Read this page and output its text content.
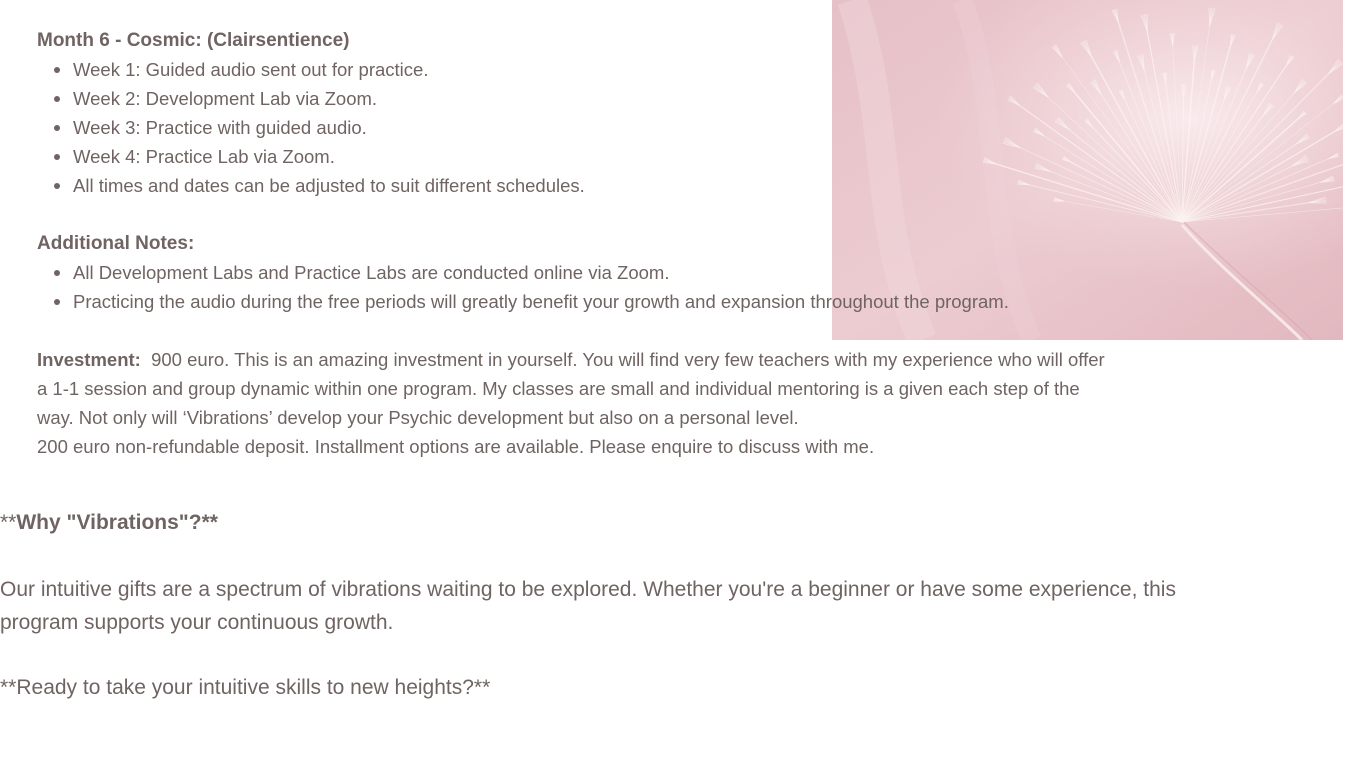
Month 6 - Cosmic: (Clairsentience)
Week 1: Guided audio sent out for practice.
Week 2: Development Lab via Zoom.
Week 3: Practice with guided audio.
Week 4: Practice Lab via Zoom.
All times and dates can be adjusted to suit different schedules.
Additional Notes:
All Development Labs and Practice Labs are conducted online via Zoom.
Practicing the audio during the free periods will greatly benefit your growth and expansion throughout the program.
Investment: 900 euro. This is an amazing investment in yourself. You will find very few teachers with my experience who will offer
a 1-1 session and group dynamic within one program. My classes are small and individual mentoring is a given each step of the
way. Not only will ‘Vibrations’ develop your Psychic development but also on a personal level.
200 euro non-refundable deposit. Installment options are available. Please enquire to discuss with me.
**Why "Vibrations"?**
Our intuitive gifts are a spectrum of vibrations waiting to be explored. Whether you're a beginner or have some experience, this
program supports your continuous growth.
**Ready to take your intuitive skills to new heights?**
